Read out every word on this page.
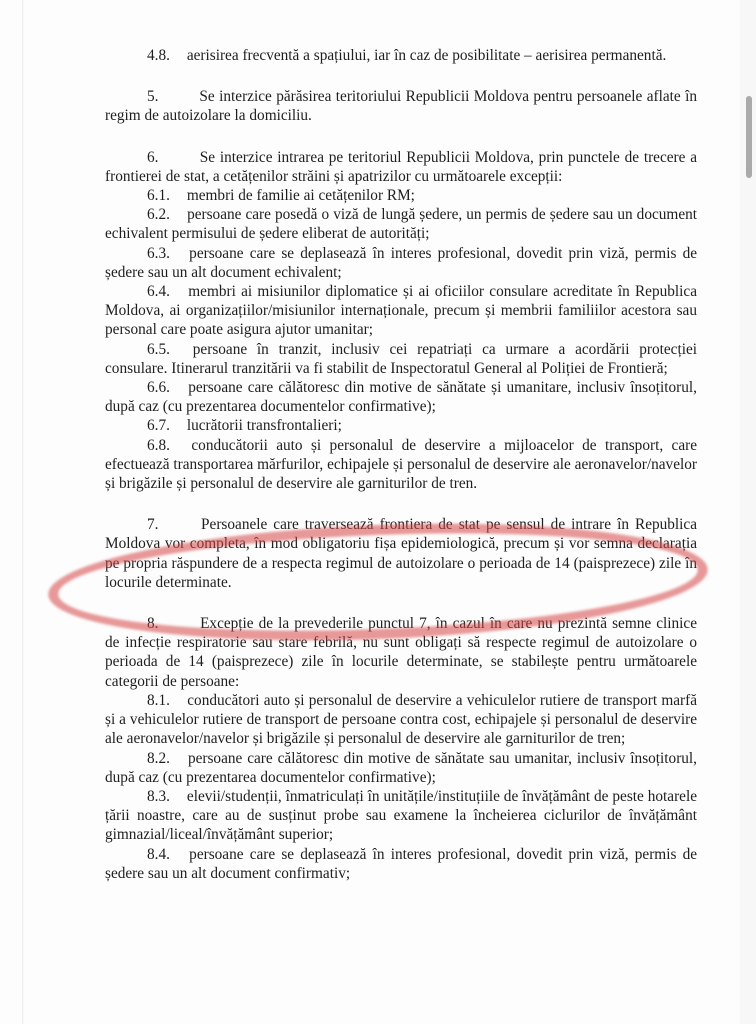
4.8. aerisirea frecventă a spațiului, iar în caz de posibilitate – aerisirea permanentă.

5.	Se interzice părăsirea teritoriului Republicii Moldova pentru persoanele aflate în regim de autoizolare la domiciliu.

6.	Se interzice intrarea pe teritoriul Republicii Moldova, prin punctele de trecere a frontierei de stat, a cetățenilor străini și apatrizilor cu următoarele excepții:

6.1. membri de familie ai cetățenilor RM;

6.2. persoane care posedă o viză de lungă ședere, un permis de ședere sau un document echivalent permisului de ședere eliberat de autorități;

6.3. persoane care se deplasează în interes profesional, dovedit prin viză, permis de ședere sau un alt document echivalent;

6.4. membri ai misiunilor diplomatice și ai oficiilor consulare acreditate în Republica Moldova, ai organizațiilor/misiunilor internaționale, precum și membrii familiilor acestora sau personal care poate asigura ajutor umanitar;

6.5. persoane în tranzit, inclusiv cei repatriați ca urmare a acordării protecției consulare. Itinerarul tranzitării va fi stabilit de Inspectoratul General al Poliției de Frontieră;

6.6. persoane care călătoresc din motive de sănătate și umanitare, inclusiv însoțitorul, după caz (cu prezentarea documentelor confirmative);

6.7. lucrătorii transfrontalieri;

6.8. conducătorii auto și personalul de deservire a mijloacelor de transport, care efectuează transportarea mărfurilor, echipajele și personalul de deservire ale aeronavelor/navelor și brigăzile și personalul de deservire ale garniturilor de tren.

7.	Persoanele care traversează frontiera de stat pe sensul de intrare în Republica Moldova vor completa, în mod obligatoriu fișa epidemiologică, precum și vor semna declarația pe propria răspundere de a respecta regimul de autoizolare o perioada de 14 (paisprezece) zile în locurile determinate.

8.	Excepție de la prevederile punctul 7, în cazul în care nu prezintă semne clinice de infecție respiratorie sau stare febrilă, nu sunt obligați să respecte regimul de autoizolare o perioada de 14 (paisprezece) zile în locurile determinate, se stabilește pentru următoarele categorii de persoane:

8.1. conducători auto și personalul de deservire a vehiculelor rutiere de transport marfă și a vehiculelor rutiere de transport de persoane contra cost, echipajele și personalul de deservire ale aeronavelor/navelor și brigăzile și personalul de deservire ale garniturilor de tren;

8.2. persoane care călătoresc din motive de sănătate sau umanitar, inclusiv însoțitorul, după caz (cu prezentarea documentelor confirmative);

8.3. elevii/studenții, înmatriculați în unitățile/instituțiile de învățământ de peste hotarele țării noastre, care au de susținut probe sau examene la încheierea ciclurilor de învățământ gimnazial/liceal/învățământ superior;

8.4. persoane care se deplasează în interes profesional, dovedit prin viză, permis de ședere sau un alt document confirmativ;
